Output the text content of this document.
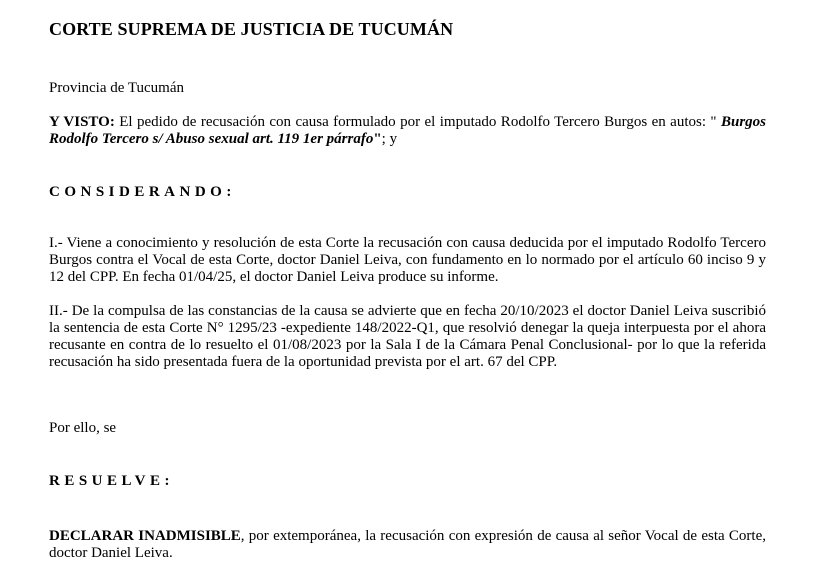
CORTE SUPREMA DE JUSTICIA DE TUCUMÁN
Provincia de Tucumán

Y VISTO: El pedido de recusación con causa formulado por el imputado Rodolfo Tercero Burgos en autos: " Burgos Rodolfo Tercero s/ Abuso sexual art. 119 1er párrafo"; y

CONSIDERANDO:

I.- Viene a conocimiento y resolución de esta Corte la recusación con causa deducida por el imputado Rodolfo Tercero Burgos contra el Vocal de esta Corte, doctor Daniel Leiva, con fundamento en lo normado por el artículo 60 inciso 9 y 12 del CPP. En fecha 01/04/25, el doctor Daniel Leiva produce su informe.

II.- De la compulsa de las constancias de la causa se advierte que en fecha 20/10/2023 el doctor Daniel Leiva suscribió la sentencia de esta Corte N° 1295/23 -expediente 148/2022-Q1, que resolvió denegar la queja interpuesta por el ahora recusante en contra de lo resuelto el 01/08/2023 por la Sala I de la Cámara Penal Conclusional- por lo que la referida recusación ha sido presentada fuera de la oportunidad prevista por el art. 67 del CPP.

Por ello, se
RESUELVE:

DECLARAR INADMISIBLE, por extemporánea, la recusación con expresión de causa al señor Vocal de esta Corte, doctor Daniel Leiva.
